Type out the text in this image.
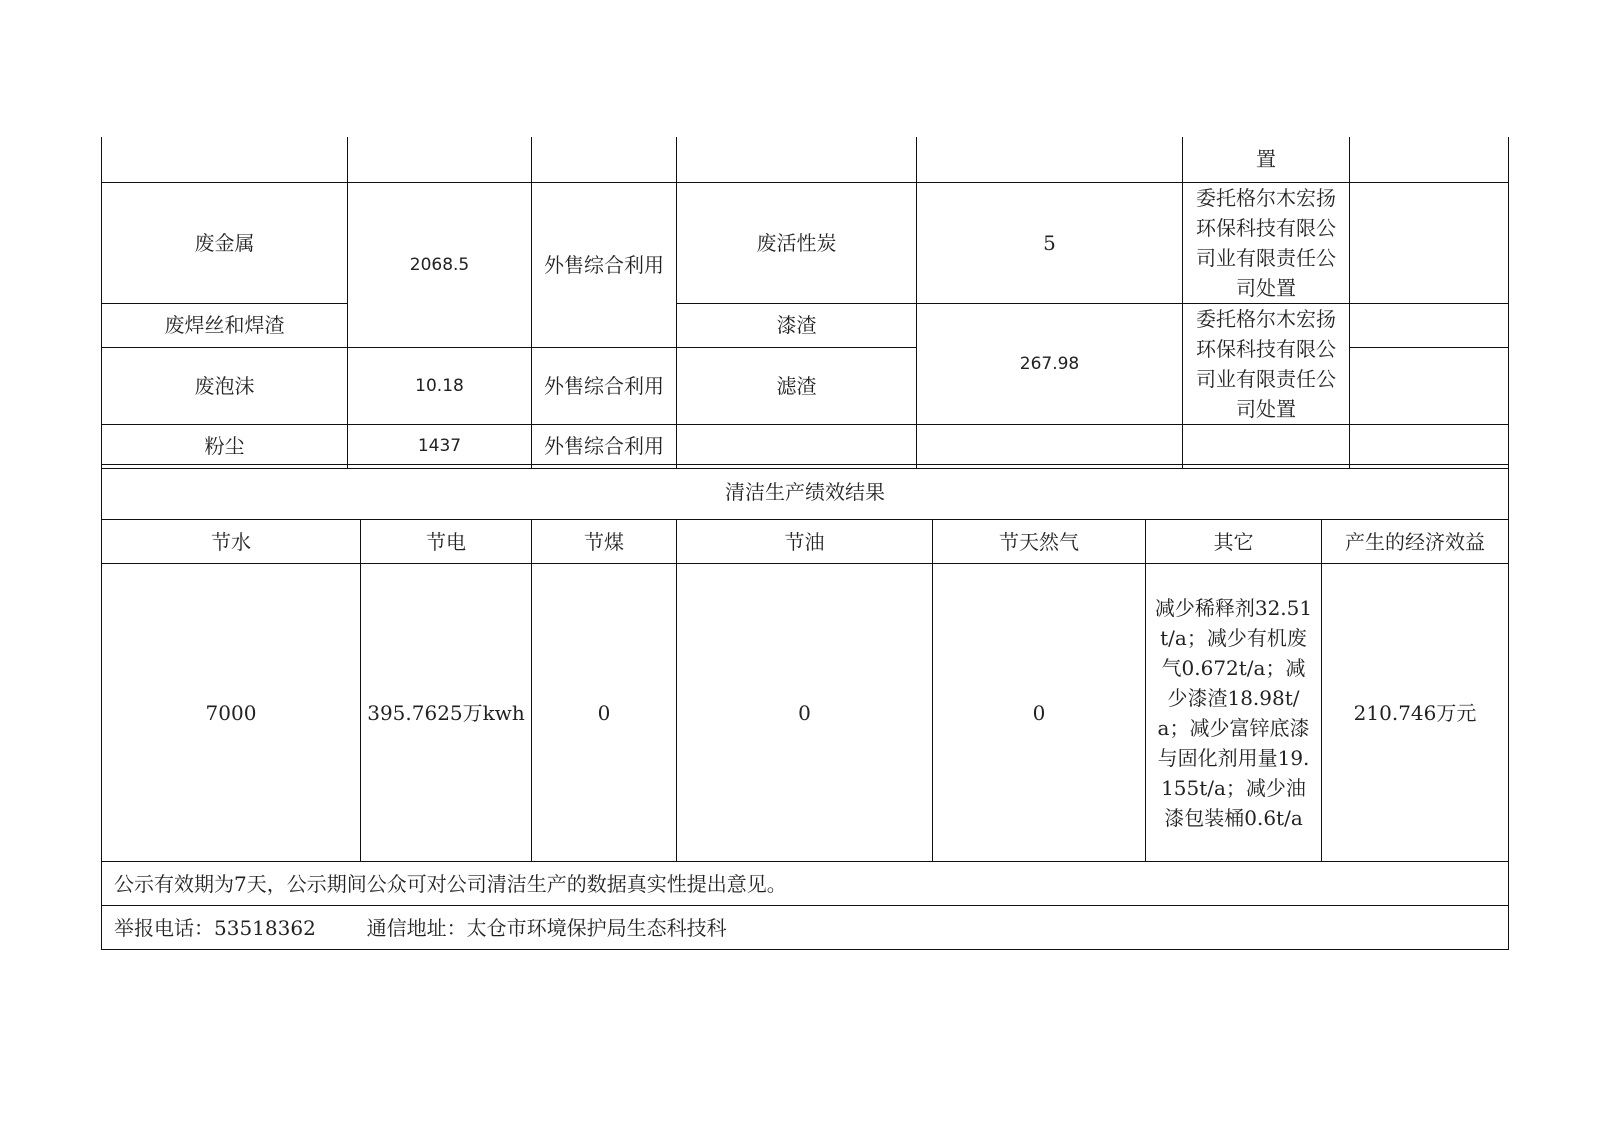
					置	
废金属	2068.5	外售综合利用	废活性炭	5	委托格尔木宏扬环保科技有限公司业有限责任公司处置	
废焊丝和焊渣			漆渣	267.98	委托格尔木宏扬环保科技有限公司业有限责任公司处置	
废泡沫	10.18	外售综合利用	滤渣			
粉尘	1437	外售综合利用				
清洁生产绩效结果						
节水	节电	节煤	节油	节天然气	其它	产生的经济效益
7000	395.7625万kwh	0	0	0	减少稀释剂32.51t/a；减少有机废气0.672t/a；减少漆渣18.98t/a；减少富锌底漆与固化剂用量19.155t/a；减少油漆包装桶0.6t/a	210.746万元
公示有效期为7天，公示期间公众可对公司清洁生产的数据真实性提出意见。						
举报电话：53518362        通信地址：太仓市环境保护局生态科技科						
